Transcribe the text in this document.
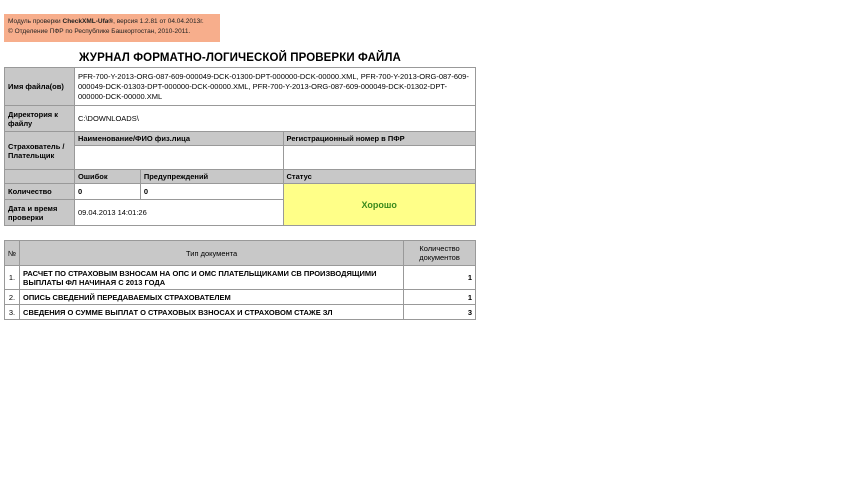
Модуль проверки CheckXML-Ufa®, версия 1.2.81 от 04.04.2013г.
© Отделение ПФР по Республике Башкортостан, 2010-2011.
ЖУРНАЛ ФОРМАТНО-ЛОГИЧЕСКОЙ ПРОВЕРКИ ФАЙЛА
Имя файла(ов)	PFR-700-Y-2013-ORG-087-609-000049-DCK-01300-DPT-000000-DCK-00000.XML, PFR-700-Y-2013-ORG-087-609-000049-DCK-01303-DPT-000000-DCK-00000.XML, PFR-700-Y-2013-ORG-087-609-000049-DCK-01302-DPT-000000-DCK-00000.XML		
Директория к файлу	C:\DOWNLOADS\		
Страхователь / Плательщик	Наименование/ФИО физ.лица		Регистрационный номер в ПФР

	Ошибок	Предупреждений	Статус
Количество	0	0	Хорошо
Дата и время проверки	09.04.2013 14:01:26		
№	Тип документа	Количество документов
1.	РАСЧЕТ ПО СТРАХОВЫМ ВЗНОСАМ НА ОПС И ОМС ПЛАТЕЛЬЩИКАМИ СВ ПРОИЗВОДЯЩИМИ ВЫПЛАТЫ ФЛ НАЧИНАЯ С 2013 ГОДА	1
2.	ОПИСЬ СВЕДЕНИЙ ПЕРЕДАВАЕМЫХ СТРАХОВАТЕЛЕМ	1
3.	СВЕДЕНИЯ О СУММЕ ВЫПЛАТ О СТРАХОВЫХ ВЗНОСАХ И СТРАХОВОМ СТАЖЕ ЗЛ	3
